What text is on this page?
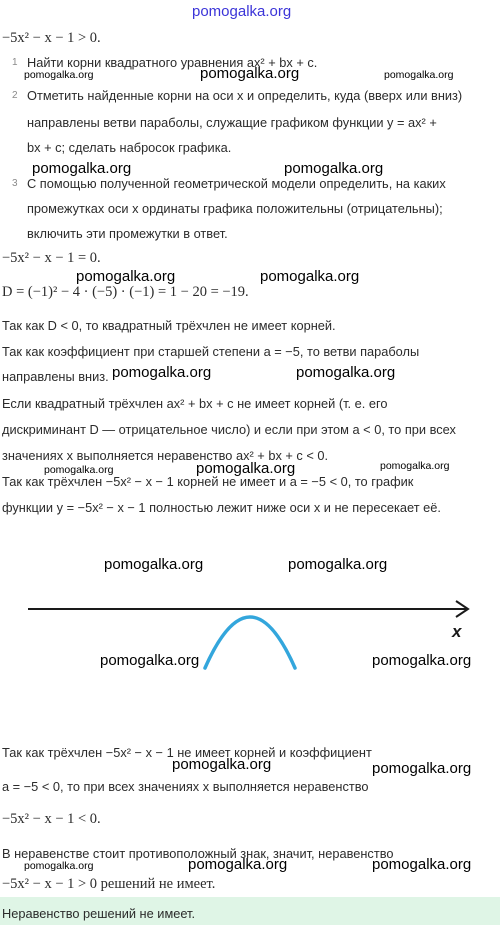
pomogalka.org
−5x² − x − 1 > 0.
1 Найти корни квадратного уравнения ax² + bx + c.
pomogalka.org	pomogalka.org	pomogalka.org
2 Отметить найденные корни на оси x и определить, куда (вверх или вниз)
направлены ветви параболы, служащие графиком функции y = ax² +
bx + c; сделать набросок графика.
pomogalka.org	pomogalka.org
3 С помощью полученной геометрической модели определить, на каких
промежутках оси x ординаты графика положительны (отрицательны);
включить эти промежутки в ответ.
−5x² − x − 1 = 0.
pomogalka.org	pomogalka.org
D = (−1)² − 4 · (−5) · (−1) = 1 − 20 = −19.
Так как D < 0, то квадратный трёхчлен не имеет корней.
Так как коэффициент при старшей степени a = −5, то ветви параболы
направлены вниз. pomogalka.org	pomogalka.org
Если квадратный трёхчлен ax² + bx + c не имеет корней (т. е. его
дискриминант D — отрицательное число) и если при этом a < 0, то при всех
значениях x выполняется неравенство ax² + bx + c < 0.
pomogalka.org	pomogalka.org	pomogalka.org
Так как трёхчлен −5x² − x − 1 корней не имеет и a = −5 < 0, то график
функции y = −5x² − x − 1 полностью лежит ниже оси x и не пересекает её.
pomogalka.org	pomogalka.org
x
pomogalka.org	pomogalka.org
Так как трёхчлен −5x² − x − 1 не имеет корней и коэффициент
pomogalka.org	pomogalka.org
a = −5 < 0, то при всех значениях x выполняется неравенство
−5x² − x − 1 < 0.
В неравенстве стоит противоположный знак, значит, неравенство
pomogalka.org	pomogalka.org	pomogalka.org
−5x² − x − 1 > 0 решений не имеет.
Неравенство решений не имеет.
